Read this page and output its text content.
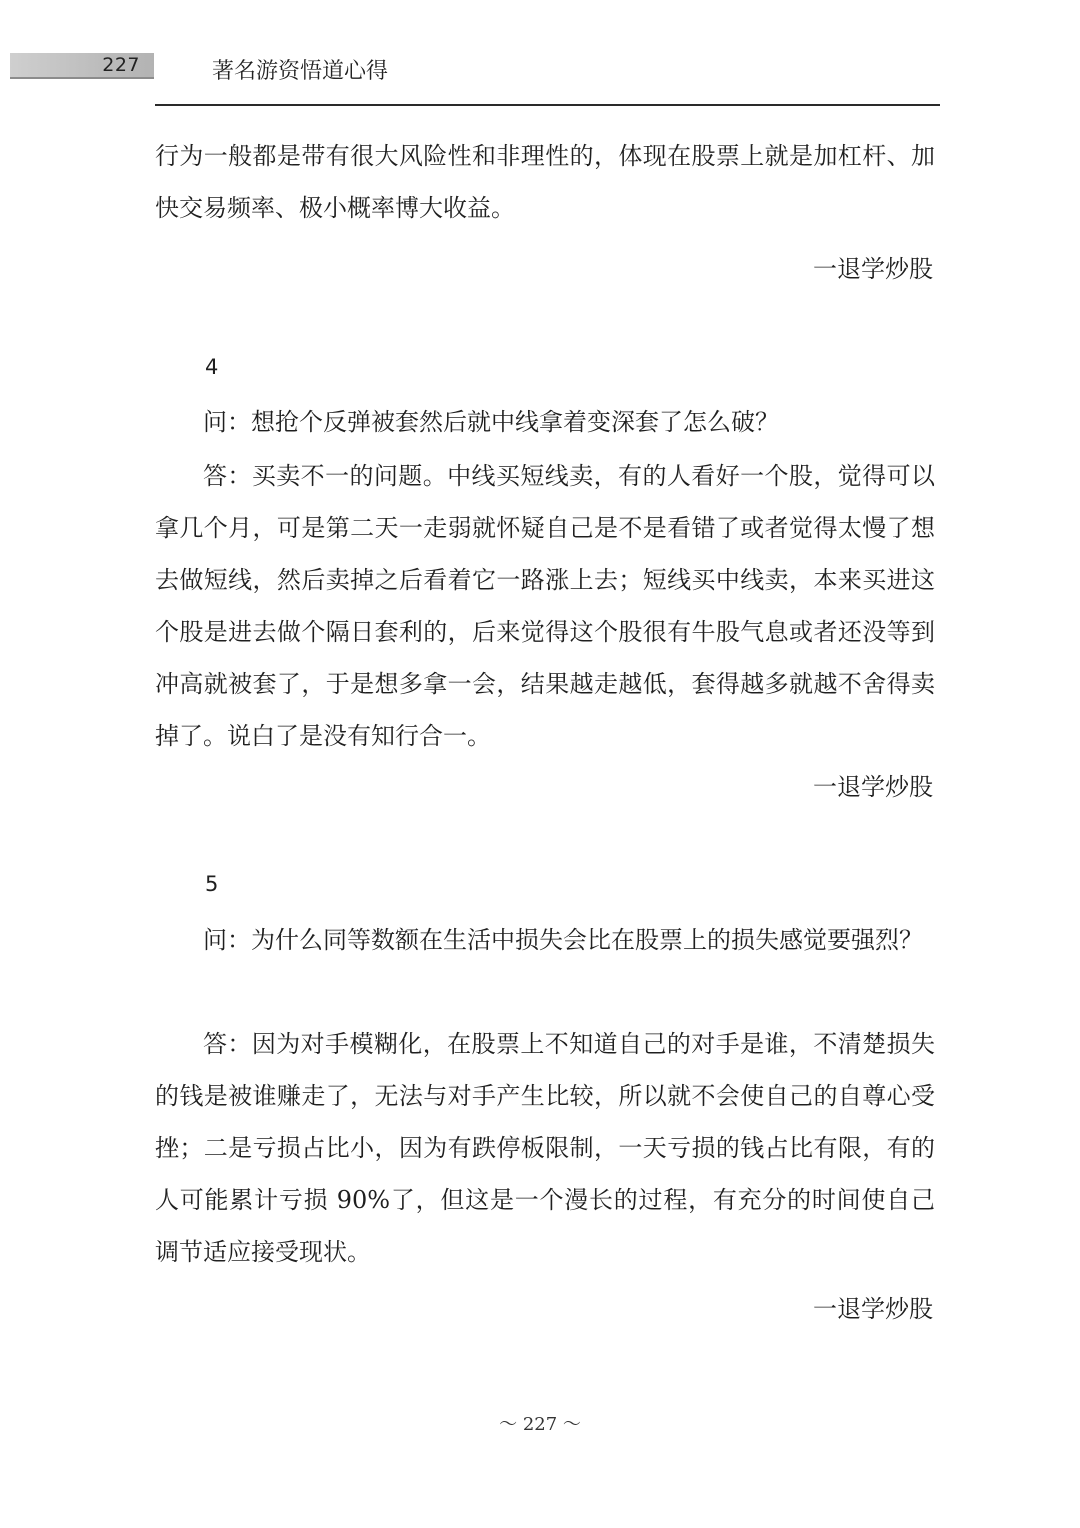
227	著名游资悟道心得

行为一般都是带有很大风险性和非理性的，体现在股票上就是加杠杆、加快交易频率、极小概率博大收益。

一退学炒股
4

问：想抢个反弹被套然后就中线拿着变深套了怎么破？

答：买卖不一的问题。中线买短线卖，有的人看好一个股，觉得可以拿几个月，可是第二天一走弱就怀疑自己是不是看错了或者觉得太慢了想去做短线，然后卖掉之后看着它一路涨上去；短线买中线卖，本来买进这个股是进去做个隔日套利的，后来觉得这个股很有牛股气息或者还没等到冲高就被套了，于是想多拿一会，结果越走越低，套得越多就越不舍得卖掉了。说白了是没有知行合一。

一退学炒股
5

问：为什么同等数额在生活中损失会比在股票上的损失感觉要强烈？

答：因为对手模糊化，在股票上不知道自己的对手是谁，不清楚损失的钱是被谁赚走了，无法与对手产生比较，所以就不会使自己的自尊心受挫；二是亏损占比小，因为有跌停板限制，一天亏损的钱占比有限，有的人可能累计亏损 90%了，但这是一个漫长的过程，有充分的时间使自己调节适应接受现状。

一退学炒股
～ 227 ～
